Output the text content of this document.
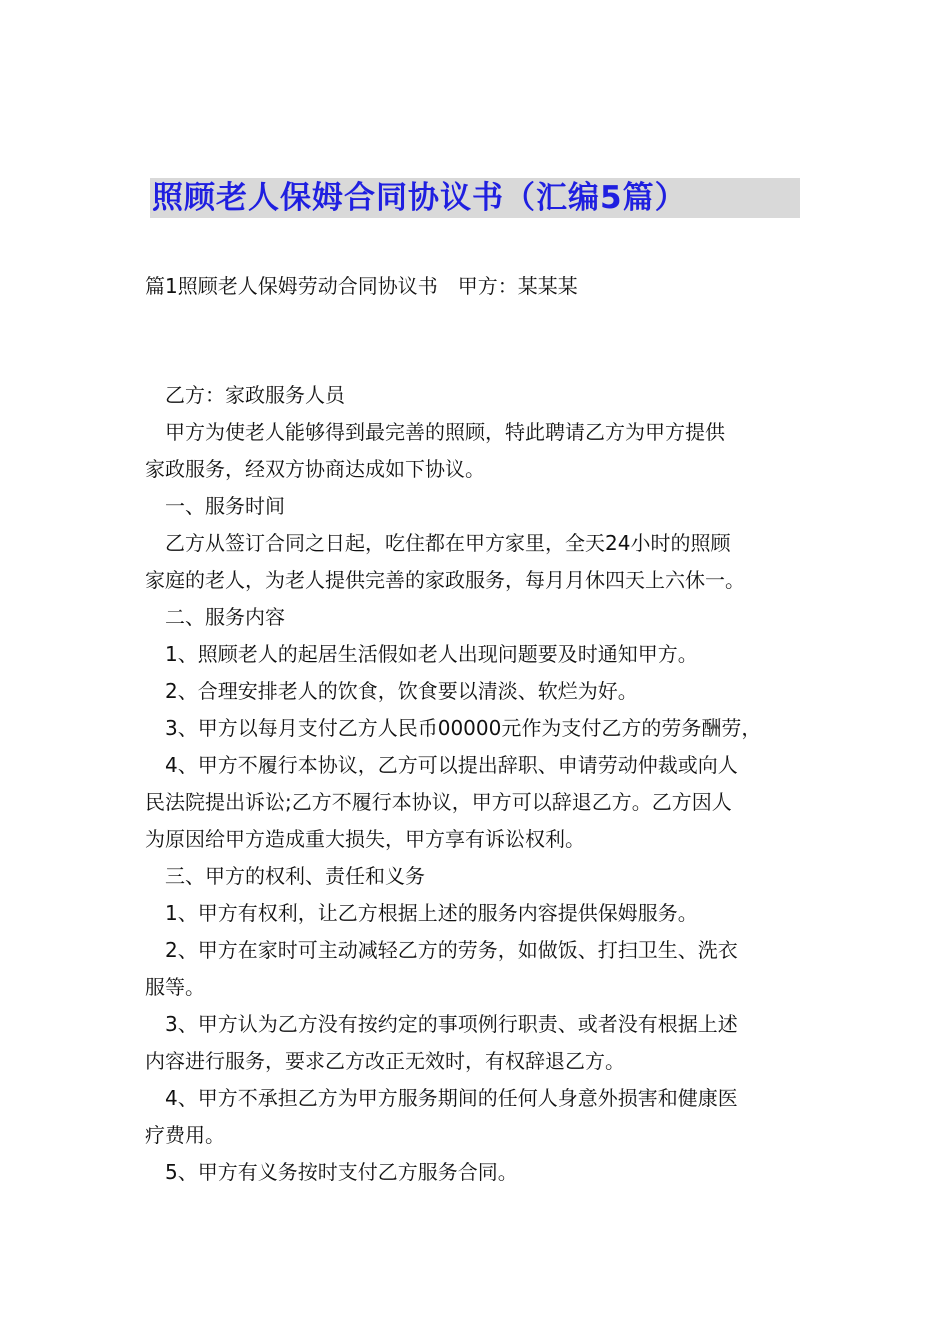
照顾老人保姆合同协议书（汇编5篇）

篇1照顾老人保姆劳动合同协议书　甲方：某某某

乙方：家政服务人员

甲方为使老人能够得到最完善的照顾，特此聘请乙方为甲方提供

家政服务，经双方协商达成如下协议。

一、服务时间

乙方从签订合同之日起，吃住都在甲方家里，全天24小时的照顾

家庭的老人，为老人提供完善的家政服务，每月月休四天上六休一。

二、服务内容

1、照顾老人的起居生活假如老人出现问题要及时通知甲方。

2、合理安排老人的饮食，饮食要以清淡、软烂为好。

3、甲方以每月支付乙方人民币00000元作为支付乙方的劳务酬劳，

4、甲方不履行本协议，乙方可以提出辞职、申请劳动仲裁或向人

民法院提出诉讼;乙方不履行本协议，甲方可以辞退乙方。乙方因人

为原因给甲方造成重大损失，甲方享有诉讼权利。

三、甲方的权利、责任和义务

1、甲方有权利，让乙方根据上述的服务内容提供保姆服务。

2、甲方在家时可主动减轻乙方的劳务，如做饭、打扫卫生、洗衣

服等。

3、甲方认为乙方没有按约定的事项例行职责、或者没有根据上述

内容进行服务，要求乙方改正无效时，有权辞退乙方。

4、甲方不承担乙方为甲方服务期间的任何人身意外损害和健康医

疗费用。

5、甲方有义务按时支付乙方服务合同。
